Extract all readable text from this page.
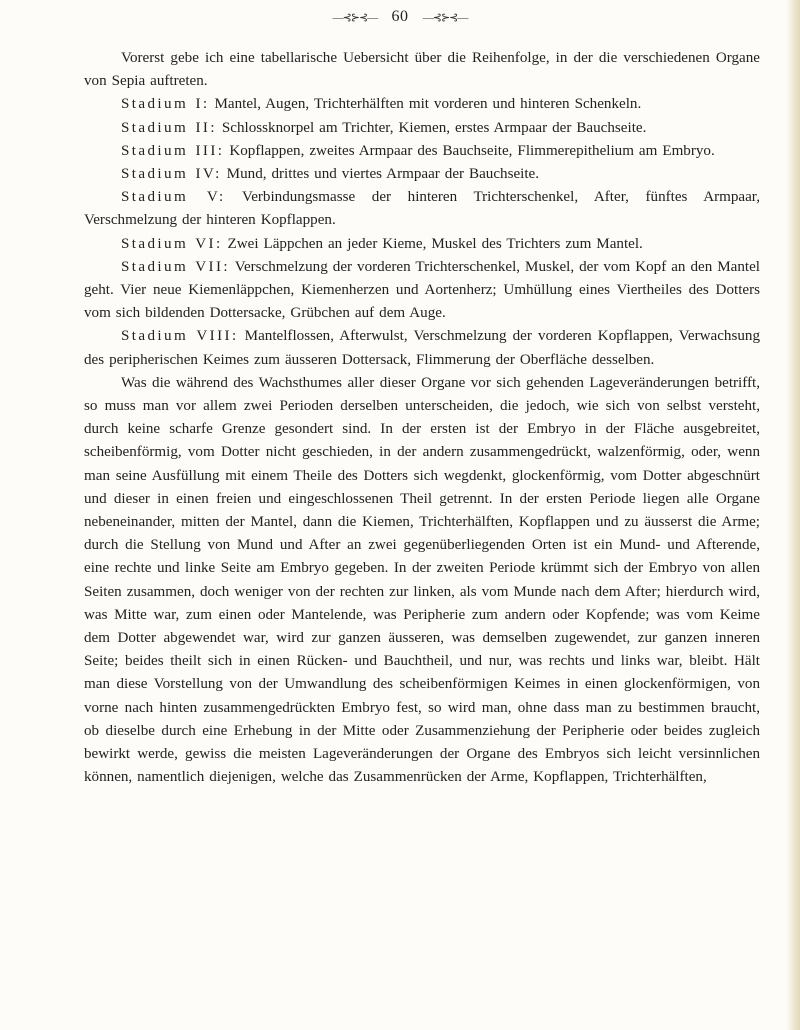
—⊰⊱⊰— 60 —⊰⊱⊰—

Vorerst gebe ich eine tabellarische Uebersicht über die Reihenfolge, in der die verschiedenen Organe von Sepia auftreten.

Stadium I: Mantel, Augen, Trichterhälften mit vorderen und hinteren Schenkeln.

Stadium II: Schlossknorpel am Trichter, Kiemen, erstes Armpaar der Bauchseite.

Stadium III: Kopflappen, zweites Armpaar des Bauchseite, Flimmerepithelium am Embryo.

Stadium IV: Mund, drittes und viertes Armpaar der Bauchseite.

Stadium V: Verbindungsmasse der hinteren Trichterschenkel, After, fünftes Armpaar, Verschmelzung der hinteren Kopflappen.

Stadium VI: Zwei Läppchen an jeder Kieme, Muskel des Trichters zum Mantel.

Stadium VII: Verschmelzung der vorderen Trichterschenkel, Muskel, der vom Kopf an den Mantel geht. Vier neue Kiemenläppchen, Kiemenherzen und Aortenherz; Umhüllung eines Viertheiles des Dotters vom sich bildenden Dottersacke, Grübchen auf dem Auge.

Stadium VIII: Mantelflossen, Afterwulst, Verschmelzung der vorderen Kopflappen, Verwachsung des peripherischen Keimes zum äusseren Dottersack, Flimmerung der Oberfläche desselben.

Was die während des Wachsthumes aller dieser Organe vor sich gehenden Lageveränderungen betrifft, so muss man vor allem zwei Perioden derselben unterscheiden, die jedoch, wie sich von selbst versteht, durch keine scharfe Grenze gesondert sind. In der ersten ist der Embryo in der Fläche ausgebreitet, scheibenförmig, vom Dotter nicht geschieden, in der andern zusammengedrückt, walzenförmig, oder, wenn man seine Ausfüllung mit einem Theile des Dotters sich wegdenkt, glockenförmig, vom Dotter abgeschnürt und dieser in einen freien und eingeschlossenen Theil getrennt. In der ersten Periode liegen alle Organe nebeneinander, mitten der Mantel, dann die Kiemen, Trichterhälften, Kopflappen und zu äusserst die Arme; durch die Stellung von Mund und After an zwei gegenüberliegenden Orten ist ein Mund- und Afterende, eine rechte und linke Seite am Embryo gegeben. In der zweiten Periode krümmt sich der Embryo von allen Seiten zusammen, doch weniger von der rechten zur linken, als vom Munde nach dem After; hierdurch wird, was Mitte war, zum einen oder Mantelende, was Peripherie zum andern oder Kopfende; was vom Keime dem Dotter abgewendet war, wird zur ganzen äusseren, was demselben zugewendet, zur ganzen inneren Seite; beides theilt sich in einen Rücken- und Bauchtheil, und nur, was rechts und links war, bleibt. Hält man diese Vorstellung von der Umwandlung des scheibenförmigen Keimes in einen glockenförmigen, von vorne nach hinten zusammengedrückten Embryo fest, so wird man, ohne dass man zu bestimmen braucht, ob dieselbe durch eine Erhebung in der Mitte oder Zusammenziehung der Peripherie oder beides zugleich bewirkt werde, gewiss die meisten Lageveränderungen der Organe des Embryos sich leicht versinnlichen können, namentlich diejenigen, welche das Zusammenrücken der Arme, Kopflappen, Trichterhälften,
